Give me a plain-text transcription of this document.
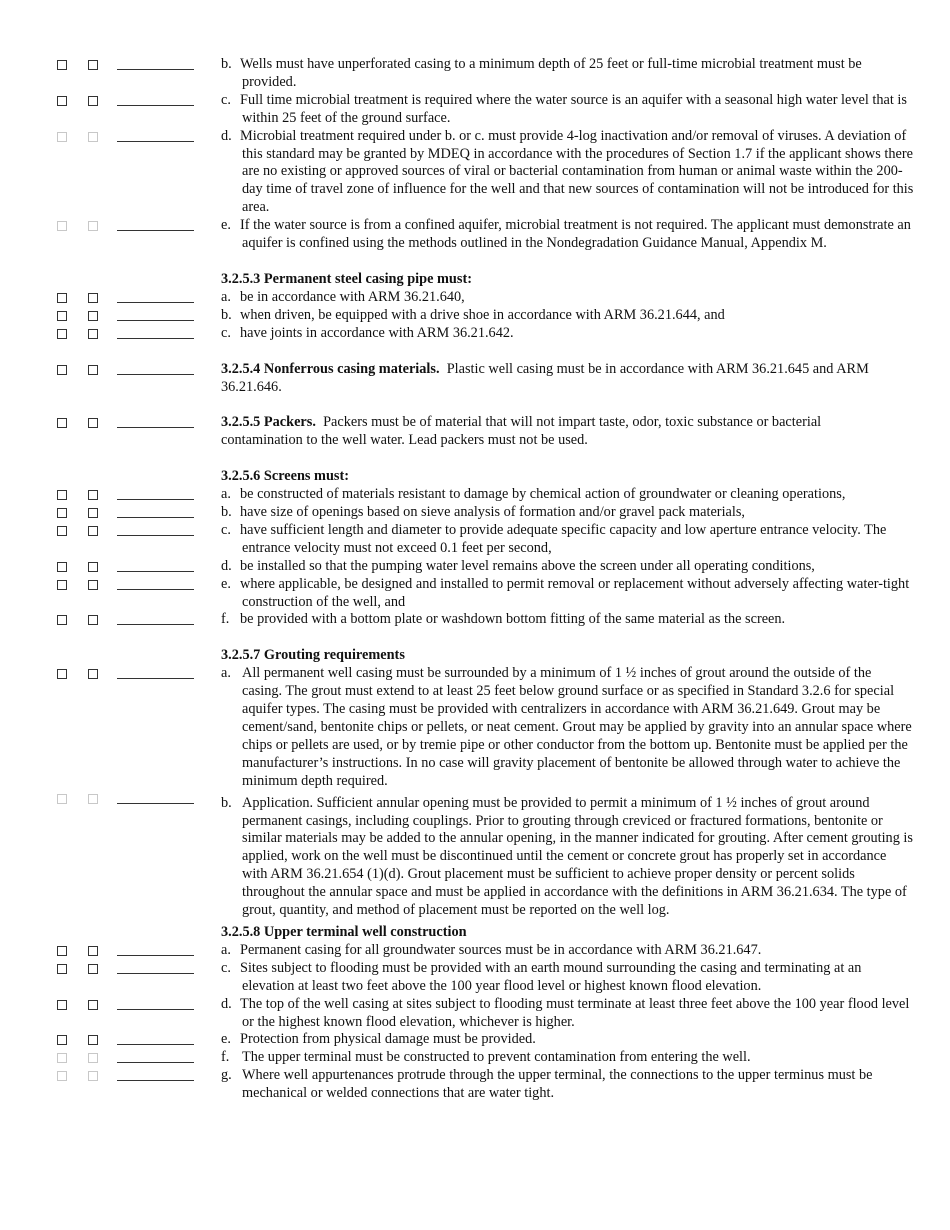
b. Wells must have unperforated casing to a minimum depth of 25 feet or full-time microbial treatment must be provided.
c. Full time microbial treatment is required where the water source is an aquifer with a seasonal high water level that is within 25 feet of the ground surface.
d. Microbial treatment required under b. or c. must provide 4-log inactivation and/or removal of viruses. A deviation of this standard may be granted by MDEQ in accordance with the procedures of Section 1.7 if the applicant shows there are no existing or approved sources of viral or bacterial contamination from human or animal waste within the 200-day time of travel zone of influence for the well and that new sources of contamination will not be introduced for this area.
e. If the water source is from a confined aquifer, microbial treatment is not required. The applicant must demonstrate an aquifer is confined using the methods outlined in the Nondegradation Guidance Manual, Appendix M.
3.2.5.3 Permanent steel casing pipe must:
a. be in accordance with ARM 36.21.640,
b. when driven, be equipped with a drive shoe in accordance with ARM 36.21.644, and
c. have joints in accordance with ARM 36.21.642.
3.2.5.4 Nonferrous casing materials. Plastic well casing must be in accordance with ARM 36.21.645 and ARM 36.21.646.
3.2.5.5 Packers. Packers must be of material that will not impart taste, odor, toxic substance or bacterial contamination to the well water. Lead packers must not be used.
3.2.5.6 Screens must:
a. be constructed of materials resistant to damage by chemical action of groundwater or cleaning operations,
b. have size of openings based on sieve analysis of formation and/or gravel pack materials,
c. have sufficient length and diameter to provide adequate specific capacity and low aperture entrance velocity. The entrance velocity must not exceed 0.1 feet per second,
d. be installed so that the pumping water level remains above the screen under all operating conditions,
e. where applicable, be designed and installed to permit removal or replacement without adversely affecting water-tight construction of the well, and
f. be provided with a bottom plate or washdown bottom fitting of the same material as the screen.
3.2.5.7 Grouting requirements
a. All permanent well casing must be surrounded by a minimum of 1 ½ inches of grout around the outside of the casing. The grout must extend to at least 25 feet below ground surface or as specified in Standard 3.2.6 for special aquifer types. The casing must be provided with centralizers in accordance with ARM 36.21.649. Grout may be cement/sand, bentonite chips or pellets, or neat cement. Grout may be applied by gravity into an annular space where chips or pellets are used, or by tremie pipe or other conductor from the bottom up. Bentonite must be applied per the manufacturer’s instructions. In no case will gravity placement of bentonite be allowed through water to achieve the minimum depth required.
b. Application. Sufficient annular opening must be provided to permit a minimum of 1 ½ inches of grout around permanent casings, including couplings. Prior to grouting through creviced or fractured formations, bentonite or similar materials may be added to the annular opening, in the manner indicated for grouting. After cement grouting is applied, work on the well must be discontinued until the cement or concrete grout has properly set in accordance with ARM 36.21.654 (1)(d). Grout placement must be sufficient to achieve proper density or percent solids throughout the annular space and must be applied in accordance with the definitions in ARM 36.21.634. The type of grout, quantity, and method of placement must be reported on the well log.
3.2.5.8 Upper terminal well construction
a. Permanent casing for all groundwater sources must be in accordance with ARM 36.21.647.
c. Sites subject to flooding must be provided with an earth mound surrounding the casing and terminating at an elevation at least two feet above the 100 year flood level or highest known flood elevation.
d. The top of the well casing at sites subject to flooding must terminate at least three feet above the 100 year flood level or the highest known flood elevation, whichever is higher.
e. Protection from physical damage must be provided.
f. The upper terminal must be constructed to prevent contamination from entering the well.
g. Where well appurtenances protrude through the upper terminal, the connections to the upper terminus must be mechanical or welded connections that are water tight.
